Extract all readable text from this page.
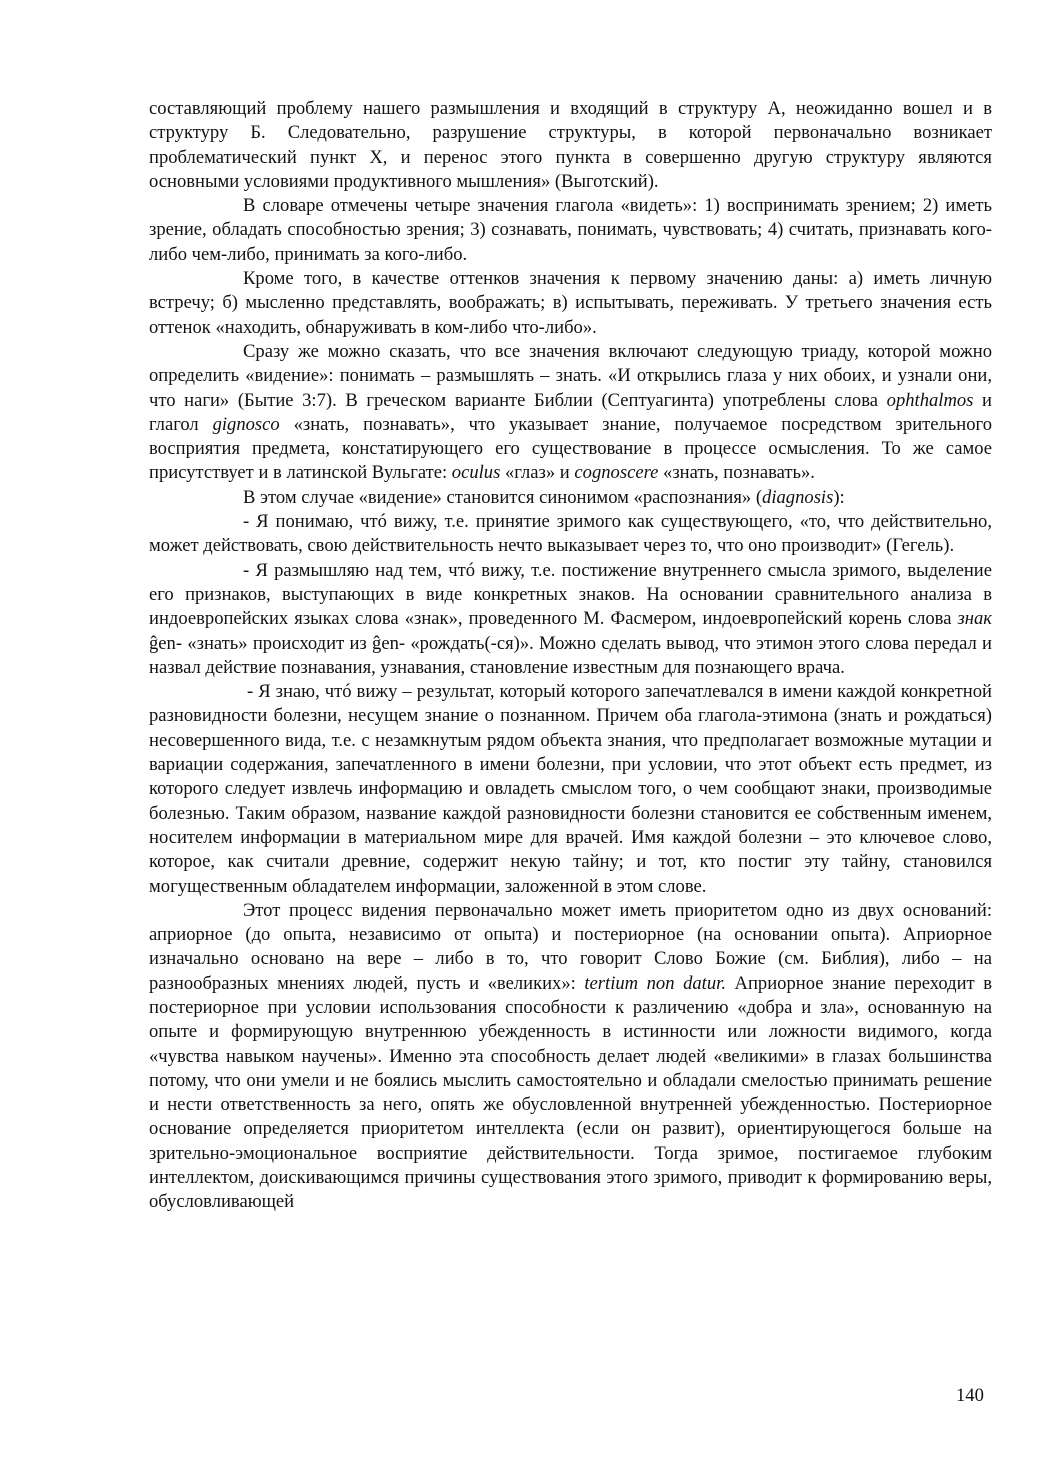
составляющий проблему нашего размышления и входящий в структуру А, неожиданно вошел и в структуру Б. Следовательно, разрушение структуры, в которой первоначально возникает проблематический пункт Х, и перенос этого пункта в совершенно другую структуру являются основными условиями продуктивного мышления» (Выготский).

В словаре отмечены четыре значения глагола «видеть»: 1) воспринимать зрением; 2) иметь зрение, обладать способностью зрения; 3) сознавать, понимать, чувствовать; 4) считать, признавать кого-либо чем-либо, принимать за кого-либо.

Кроме того, в качестве оттенков значения к первому значению даны: а) иметь личную встречу; б) мысленно представлять, воображать; в) испытывать, переживать. У третьего значения есть оттенок «находить, обнаруживать в ком-либо что-либо».

Сразу же можно сказать, что все значения включают следующую триаду, которой можно определить «видение»: понимать – размышлять – знать. «И открылись глаза у них обоих, и узнали они, что наги» (Бытие 3:7). В греческом варианте Библии (Септуагинта) употреблены слова ophthalmos и глагол gignosco «знать, познавать», что указывает знание, получаемое посредством зрительного восприятия предмета, констатирующего его существование в процессе осмысления. То же самое присутствует и в латинской Вульгате: oculus «глаз» и cognoscere «знать, познавать».

В этом случае «видение» становится синонимом «распознания» (diagnosis):

- Я понимаю, чтó вижу, т.е. принятие зримого как существующего, «то, что действительно, может действовать, свою действительность нечто выказывает через то, что оно производит» (Гегель).

- Я размышляю над тем, чтó вижу, т.е. постижение внутреннего смысла зримого, выделение его признаков, выступающих в виде конкретных знаков. На основании сравнительного анализа в индоевропейских языках слова «знак», проведенного М. Фасмером, индоевропейский корень слова знак ĝen- «знать» происходит из ĝen- «рождать(-ся)». Можно сделать вывод, что этимон этого слова передал и назвал действие познавания, узнавания, становление известным для познающего врача.

- Я знаю, чтó вижу – результат, который которого запечатлевался в имени каждой конкретной разновидности болезни, несущем знание о познанном. Причем оба глагола-этимона (знать и рождаться) несовершенного вида, т.е. с незамкнутым рядом объекта знания, что предполагает возможные мутации и вариации содержания, запечатленного в имени болезни, при условии, что этот объект есть предмет, из которого следует извлечь информацию и овладеть смыслом того, о чем сообщают знаки, производимые болезнью. Таким образом, название каждой разновидности болезни становится ее собственным именем, носителем информации в материальном мире для врачей. Имя каждой болезни – это ключевое слово, которое, как считали древние, содержит некую тайну; и тот, кто постиг эту тайну, становился могущественным обладателем информации, заложенной в этом слове.

Этот процесс видения первоначально может иметь приоритетом одно из двух оснований: априорное (до опыта, независимо от опыта) и постериорное (на основании опыта). Априорное изначально основано на вере – либо в то, что говорит Слово Божие (см. Библия), либо – на разнообразных мнениях людей, пусть и «великих»: tertium non datur. Априорное знание переходит в постериорное при условии использования способности к различению «добра и зла», основанную на опыте и формирующую внутреннюю убежденность в истинности или ложности видимого, когда «чувства навыком научены». Именно эта способность делает людей «великими» в глазах большинства потому, что они умели и не боялись мыслить самостоятельно и обладали смелостью принимать решение и нести ответственность за него, опять же обусловленной внутренней убежденностью. Постериорное основание определяется приоритетом интеллекта (если он развит), ориентирующегося больше на зрительно-эмоциональное восприятие действительности. Тогда зримое, постигаемое глубоким интеллектом, доискивающимся причины существования этого зримого, приводит к формированию веры, обусловливающей

140
